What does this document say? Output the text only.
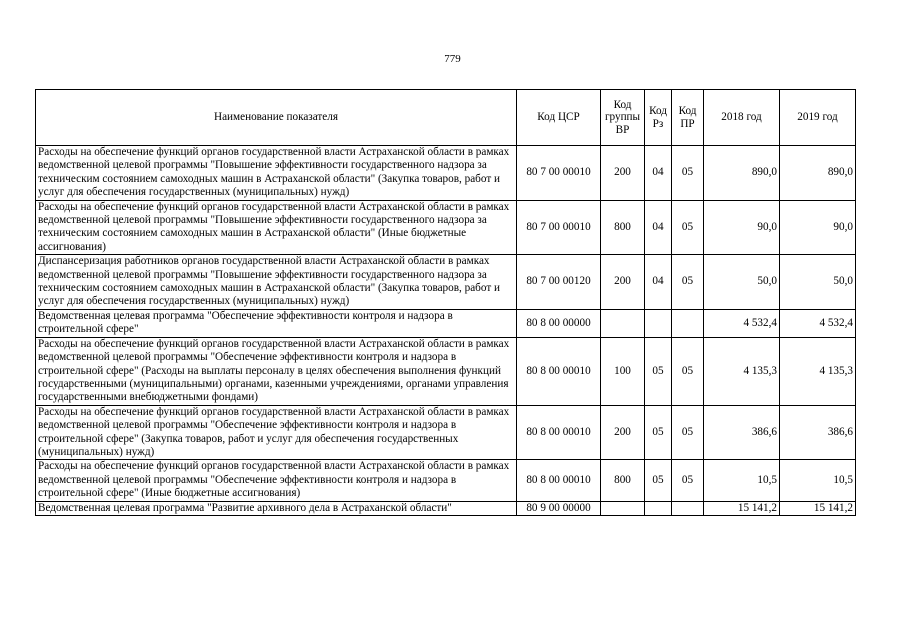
779
Наименование показателя	Код ЦСР	Код группы ВР	Код Рз	Код ПР	2018 год	2019 год
Расходы на обеспечение функций органов государственной власти Астраханской области в рамках ведомственной целевой программы "Повышение эффективности государственного надзора за техническим состоянием самоходных машин в Астраханской области" (Закупка товаров, работ и услуг для обеспечения государственных (муниципальных) нужд)	80 7 00 00010	200	04	05	890,0	890,0
Расходы на обеспечение функций органов государственной власти Астраханской области в рамках ведомственной целевой программы "Повышение эффективности государственного надзора за техническим состоянием самоходных машин в Астраханской области" (Иные бюджетные ассигнования)	80 7 00 00010	800	04	05	90,0	90,0
Диспансеризация работников органов государственной власти Астраханской области в рамках ведомственной целевой программы "Повышение эффективности государственного надзора за техническим состоянием самоходных машин в Астраханской области" (Закупка товаров, работ и услуг для обеспечения государственных (муниципальных) нужд)	80 7 00 00120	200	04	05	50,0	50,0
Ведомственная целевая программа "Обеспечение эффективности контроля и надзора в строительной сфере"	80 8 00 00000				4 532,4	4 532,4
Расходы на обеспечение функций органов государственной власти Астраханской области в рамках ведомственной целевой программы "Обеспечение эффективности контроля и надзора в строительной сфере" (Расходы на выплаты персоналу в целях обеспечения выполнения функций государственными (муниципальными) органами, казенными учреждениями, органами управления государственными внебюджетными фондами)	80 8 00 00010	100	05	05	4 135,3	4 135,3
Расходы на обеспечение функций органов государственной власти Астраханской области в рамках ведомственной целевой программы "Обеспечение эффективности контроля и надзора в строительной сфере" (Закупка товаров, работ и услуг для обеспечения государственных (муниципальных) нужд)	80 8 00 00010	200	05	05	386,6	386,6
Расходы на обеспечение функций органов государственной власти Астраханской области в рамках ведомственной целевой программы "Обеспечение эффективности контроля и надзора в строительной сфере" (Иные бюджетные ассигнования)	80 8 00 00010	800	05	05	10,5	10,5
Ведомственная целевая программа "Развитие архивного дела в Астраханской области"	80 9 00 00000				15 141,2	15 141,2
